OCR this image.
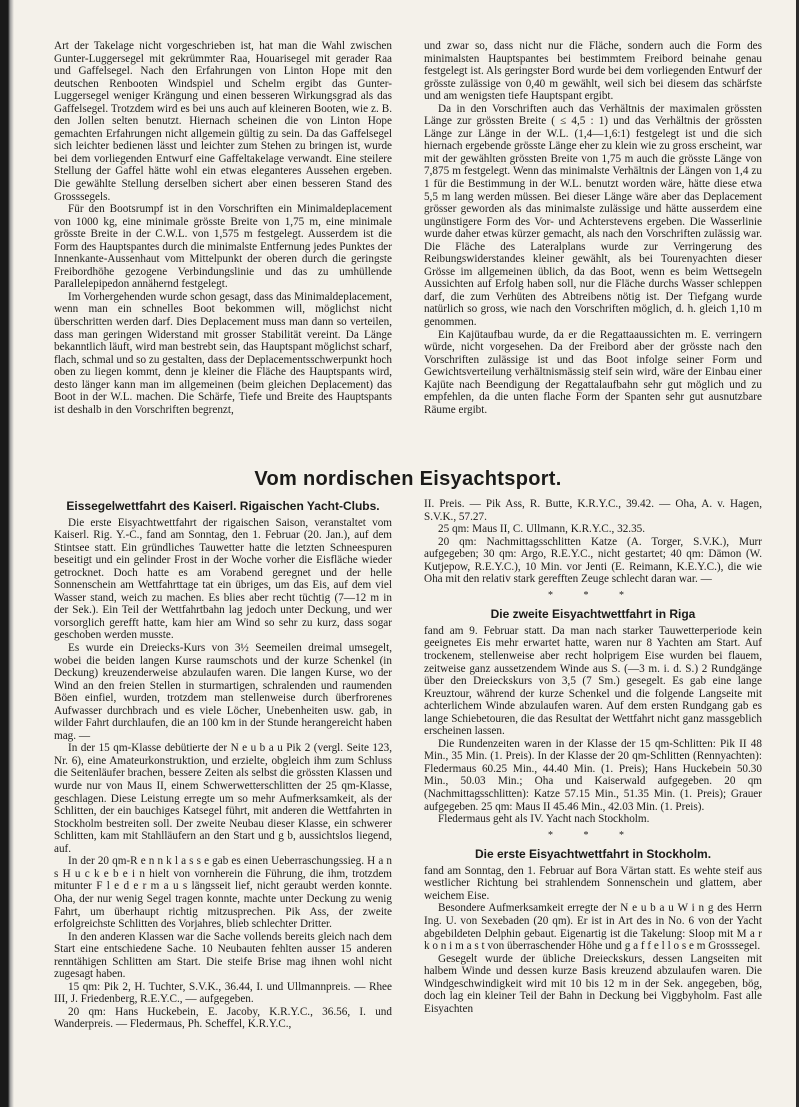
Art der Takelage nicht vorgeschrieben ist, hat man die Wahl zwischen Gunter-Luggersegel mit gekrümmter Raa, Houarisegel mit gerader Raa und Gaffelsegel. Nach den Erfahrungen von Linton Hope mit den deutschen Renbooten Windspiel und Schelm ergibt das Gunter-Luggersegel weniger Krängung und einen besseren Wirkungsgrad als das Gaffelsegel. Trotzdem wird es bei uns auch auf kleineren Booten, wie z. B. den Jollen selten benutzt. Hiernach scheinen die von Linton Hope gemachten Erfahrungen nicht allgemein gültig zu sein. Da das Gaffelsegel sich leichter bedienen lässt und leichter zum Stehen zu bringen ist, wurde bei dem vorliegenden Entwurf eine Gaffeltakelage verwandt. Eine steilere Stellung der Gaffel hätte wohl ein etwas eleganteres Aussehen ergeben. Die gewählte Stellung derselben sichert aber einen besseren Stand des Grosssegels.

Für den Bootsrumpf ist in den Vorschriften ein Minimaldeplacement von 1000 kg, eine minimale grösste Breite von 1,75 m, eine minimale grösste Breite in der C.W.L. von 1,575 m festgelegt. Ausserdem ist die Form des Hauptspantes durch die minimalste Entfernung jedes Punktes der Innenkante-Aussenhaut vom Mittelpunkt der oberen durch die geringste Freibordhöhe gezogene Verbindungslinie und das zu umhüllende Parallelepipedon annähernd festgelegt.

Im Vorhergehenden wurde schon gesagt, dass das Minimaldeplacement, wenn man ein schnelles Boot bekommen will, möglichst nicht überschritten werden darf. Dies Deplacement muss man dann so verteilen, dass man geringen Widerstand mit grosser Stabilität vereint. Da Länge bekanntlich läuft, wird man bestrebt sein, das Hauptspant möglichst scharf, flach, schmal und so zu gestalten, dass der Deplacementsschwerpunkt hoch oben zu liegen kommt, denn je kleiner die Fläche des Hauptspants wird, desto länger kann man im allgemeinen (beim gleichen Deplacement) das Boot in der W.L. machen. Die Schärfe, Tiefe und Breite des Hauptspants ist deshalb in den Vorschriften begrenzt,

und zwar so, dass nicht nur die Fläche, sondern auch die Form des minimalsten Hauptspantes bei bestimmtem Freibord beinahe genau festgelegt ist. Als geringster Bord wurde bei dem vorliegenden Entwurf der grösste zulässige von 0,40 m gewählt, weil sich bei diesem das schärfste und am wenigsten tiefe Hauptspant ergibt.

Da in den Vorschriften auch das Verhältnis der maximalen grössten Länge zur grössten Breite ( ≤ 4,5 : 1) und das Verhältnis der grössten Länge zur Länge in der W.L. (1,4—1,6:1) festgelegt ist und die sich hiernach ergebende grösste Länge eher zu klein wie zu gross erscheint, war mit der gewählten grössten Breite von 1,75 m auch die grösste Länge von 7,875 m festgelegt. Wenn das minimalste Verhältnis der Längen von 1,4 zu 1 für die Bestimmung in der W.L. benutzt worden wäre, hätte diese etwa 5,5 m lang werden müssen. Bei dieser Länge wäre aber das Deplacement grösser geworden als das minimalste zulässige und hätte ausserdem eine ungünstigere Form des Vor- und Achterstevens ergeben. Die Wasserlinie wurde daher etwas kürzer gemacht, als nach den Vorschriften zulässig war. Die Fläche des Lateralplans wurde zur Verringerung des Reibungswiderstandes kleiner gewählt, als bei Tourenyachten dieser Grösse im allgemeinen üblich, da das Boot, wenn es beim Wettsegeln Aussichten auf Erfolg haben soll, nur die Fläche durchs Wasser schleppen darf, die zum Verhüten des Abtreibens nötig ist. Der Tiefgang wurde natürlich so gross, wie nach den Vorschriften möglich, d. h. gleich 1,10 m genommen.

Ein Kajütaufbau wurde, da er die Regattaaussichten m. E. verringern würde, nicht vorgesehen. Da der Freibord aber der grösste nach den Vorschriften zulässige ist und das Boot infolge seiner Form und Gewichtsverteilung verhältnismässig steif sein wird, wäre der Einbau einer Kajüte nach Beendigung der Regattalaufbahn sehr gut möglich und zu empfehlen, da die unten flache Form der Spanten sehr gut ausnutzbare Räume ergibt.

Vom nordischen Eisyachtsport.
Eissegelwettfahrt des Kaiserl. Rigaischen Yacht-Clubs.

Die erste Eisyachtwettfahrt der rigaischen Saison, veranstaltet vom Kaiserl. Rig. Y.-C., fand am Sonntag, den 1. Februar (20. Jan.), auf dem Stintsee statt. Ein gründliches Tauwetter hatte die letzten Schneespuren beseitigt und ein gelinder Frost in der Woche vorher die Eisfläche wieder getrocknet. Doch hatte es am Vorabend geregnet und der helle Sonnenschein am Wettfahrttage tat ein übriges, um das Eis, auf dem viel Wasser stand, weich zu machen. Es blies aber recht tüchtig (7—12 m in der Sek.). Ein Teil der Wettfahrtbahn lag jedoch unter Deckung, und wer vorsorglich gerefft hatte, kam hier am Wind so sehr zu kurz, dass sogar geschoben werden musste.

Es wurde ein Dreiecks-Kurs von 3½ Seemeilen dreimal umsegelt, wobei die beiden langen Kurse raumschots und der kurze Schenkel (in Deckung) kreuzenderweise abzulaufen waren. Die langen Kurse, wo der Wind an den freien Stellen in sturmartigen, schralenden und raumenden Böen einfiel, wurden, trotzdem man stellenweise durch überfrorenes Aufwasser durchbrach und es viele Löcher, Unebenheiten usw. gab, in wilder Fahrt durchlaufen, die an 100 km in der Stunde herangereicht haben mag. —

In der 15 qm-Klasse debütierte der N e u b a u Pik 2 (vergl. Seite 123, Nr. 6), eine Amateurkonstruktion, und erzielte, obgleich ihm zum Schluss die Seitenläufer brachen, bessere Zeiten als selbst die grössten Klassen und wurde nur von Maus II, einem Schwerwetterschlitten der 25 qm-Klasse, geschlagen. Diese Leistung erregte um so mehr Aufmerksamkeit, als der Schlitten, der ein bauchiges Katsegel führt, mit anderen die Wettfahrten in Stockholm bestreiten soll. Der zweite Neubau dieser Klasse, ein schwerer Schlitten, kam mit Stahlläufern an den Start und g b, aussichtslos liegend, auf.

In der 20 qm-R e n n k l a s s e gab es einen Ueberraschungssieg. H a n s H u c k e b e i n hielt von vornherein die Führung, die ihm, trotzdem mitunter F l e d e r m a u s längsseit lief, nicht geraubt werden konnte. Oha, der nur wenig Segel tragen konnte, machte unter Deckung zu wenig Fahrt, um überhaupt richtig mitzusprechen. Pik Ass, der zweite erfolgreichste Schlitten des Vorjahres, blieb schlechter Dritter.

In den anderen Klassen war die Sache vollends bereits gleich nach dem Start eine entschiedene Sache. 10 Neubauten fehlten ausser 15 anderen renntähigen Schlitten am Start. Die steife Brise mag ihnen wohl nicht zugesagt haben.

15 qm: Pik 2, H. Tuchter, S.V.K., 36.44, I. und Ullmannpreis. — Rhee III, J. Friedenberg, R.E.Y.C., — aufgegeben.

20 qm: Hans Huckebein, E. Jacoby, K.R.Y.C., 36.56, I. und Wanderpreis. — Fledermaus, Ph. Scheffel, K.R.Y.C.,

II. Preis. — Pik Ass, R. Butte, K.R.Y.C., 39.42. — Oha, A. v. Hagen, S.V.K., 57.27.

25 qm: Maus II, C. Ullmann, K.R.Y.C., 32.35.

20 qm: Nachmittagsschlitten Katze (A. Torger, S.V.K.), Murr aufgegeben; 30 qm: Argo, R.E.Y.C., nicht gestartet; 40 qm: Dämon (W. Kutjepow, R.E.Y.C.), 10 Min. vor Jenti (E. Reimann, K.E.Y.C.), die wie Oha mit den relativ stark gerefften Zeuge schlecht daran war. —

* * *
Die zweite Eisyachtwettfahrt in Riga

fand am 9. Februar statt. Da man nach starker Tauwetterperiode kein geeignetes Eis mehr erwartet hatte, waren nur 8 Yachten am Start. Auf trockenem, stellenweise aber recht holprigem Eise wurden bei flauem, zeitweise ganz aussetzendem Winde aus S. (—3 m. i. d. S.) 2 Rundgänge über den Dreieckskurs von 3,5 (7 Sm.) gesegelt. Es gab eine lange Kreuztour, während der kurze Schenkel und die folgende Langseite mit achterlichem Winde abzulaufen waren. Auf dem ersten Rundgang gab es lange Schiebetouren, die das Resultat der Wettfahrt nicht ganz massgeblich erscheinen lassen.

Die Rundenzeiten waren in der Klasse der 15 qm-Schlitten: Pik II 48 Min., 35 Min. (1. Preis). In der Klasse der 20 qm-Schlitten (Rennyachten): Fledermaus 60.25 Min., 44.40 Min. (1. Preis); Hans Huckebein 50.30 Min., 50.03 Min.; Oha und Kaiserwald aufgegeben. 20 qm (Nachmittagsschlitten): Katze 57.15 Min., 51.35 Min. (1. Preis); Grauer aufgegeben. 25 qm: Maus II 45.46 Min., 42.03 Min. (1. Preis).

Fledermaus geht als IV. Yacht nach Stockholm.

* * *
Die erste Eisyachtwettfahrt in Stockholm.

fand am Sonntag, den 1. Februar auf Bora Värtan statt. Es wehte steif aus westlicher Richtung bei strahlendem Sonnenschein und glattem, aber weichem Eise.

Besondere Aufmerksamkeit erregte der N e u b a u W i n g des Herrn Ing. U. von Sexebaden (20 qm). Er ist in Art des in No. 6 von der Yacht abgebildeten Delphin gebaut. Eigenartig ist die Takelung: Sloop mit M a r k o n i m a s t von überraschender Höhe und g a f f e l l o s e m Grosssegel.

Gesegelt wurde der übliche Dreieckskurs, dessen Langseiten mit halbem Winde und dessen kurze Basis kreuzend abzulaufen waren. Die Windgeschwindigkeit wird mit 10 bis 12 m in der Sek. angegeben, bög, doch lag ein kleiner Teil der Bahn in Deckung bei Viggbyholm. Fast alle Eisyachten
